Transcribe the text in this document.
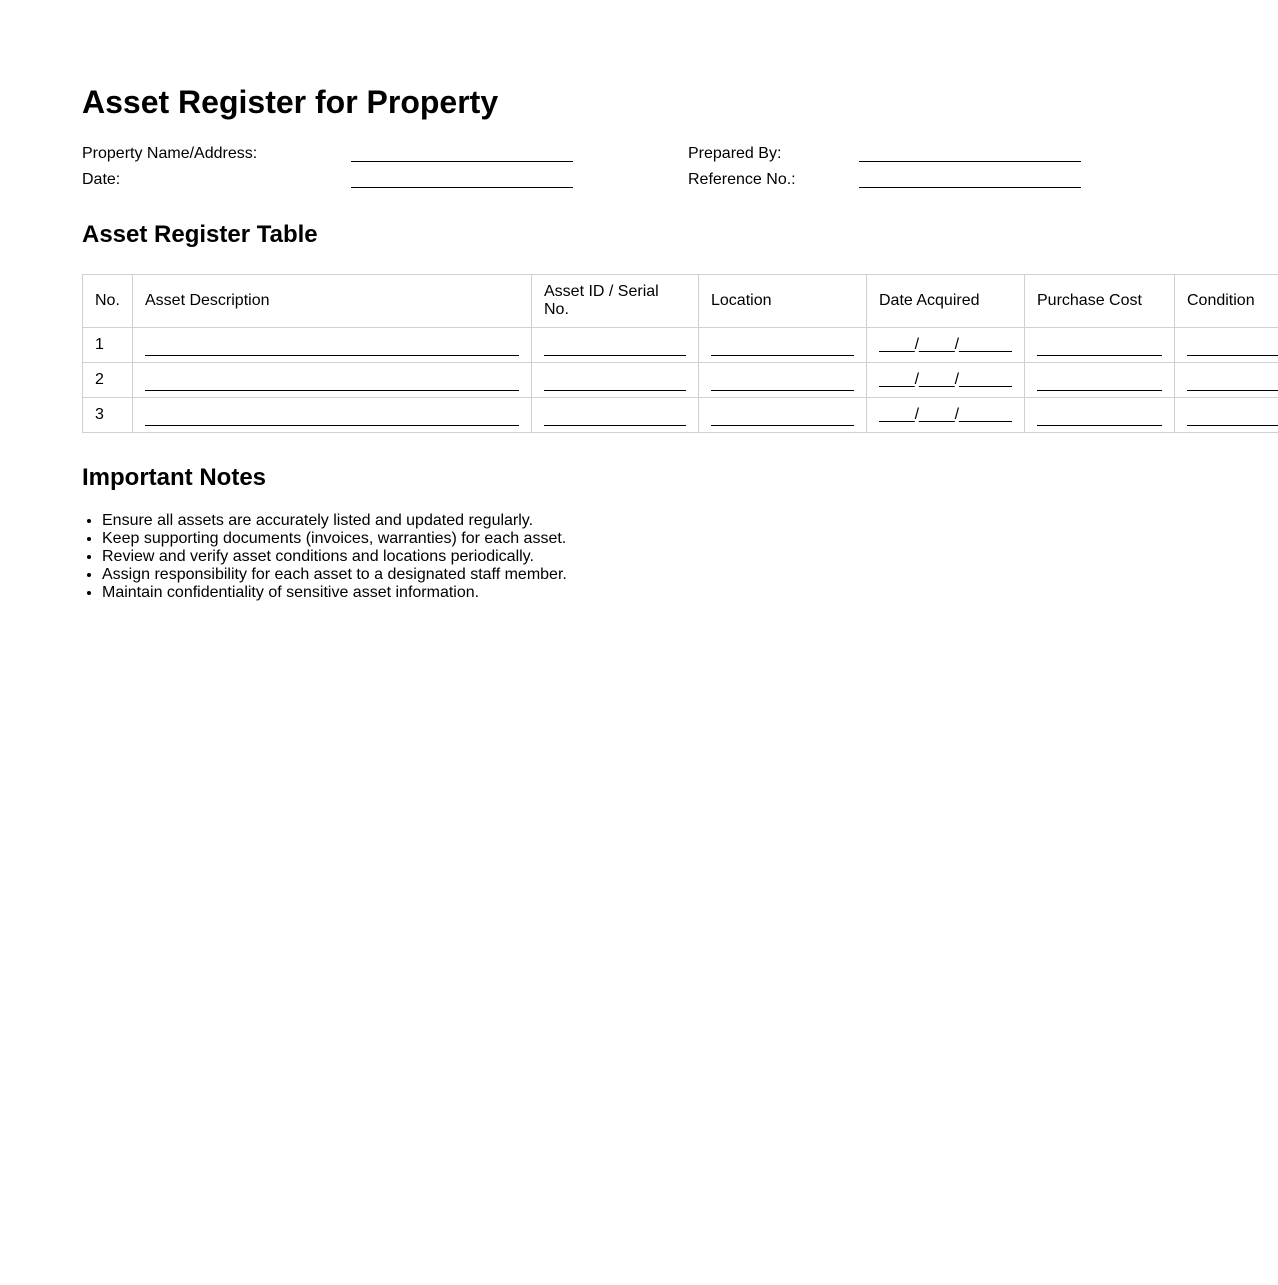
Asset Register for Property
Property Name/Address:	Prepared By:
Date:	Reference No.:
Asset Register Table
No.	Asset Description	Asset ID / Serial No.	Location	Date Acquired	Purchase Cost	Condition
1				____/____/______		

2				____/____/______		

3				____/____/______		

Important Notes
• Ensure all assets are accurately listed and updated regularly.
• Keep supporting documents (invoices, warranties) for each asset.
• Review and verify asset conditions and locations periodically.
• Assign responsibility for each asset to a designated staff member.
• Maintain confidentiality of sensitive asset information.
